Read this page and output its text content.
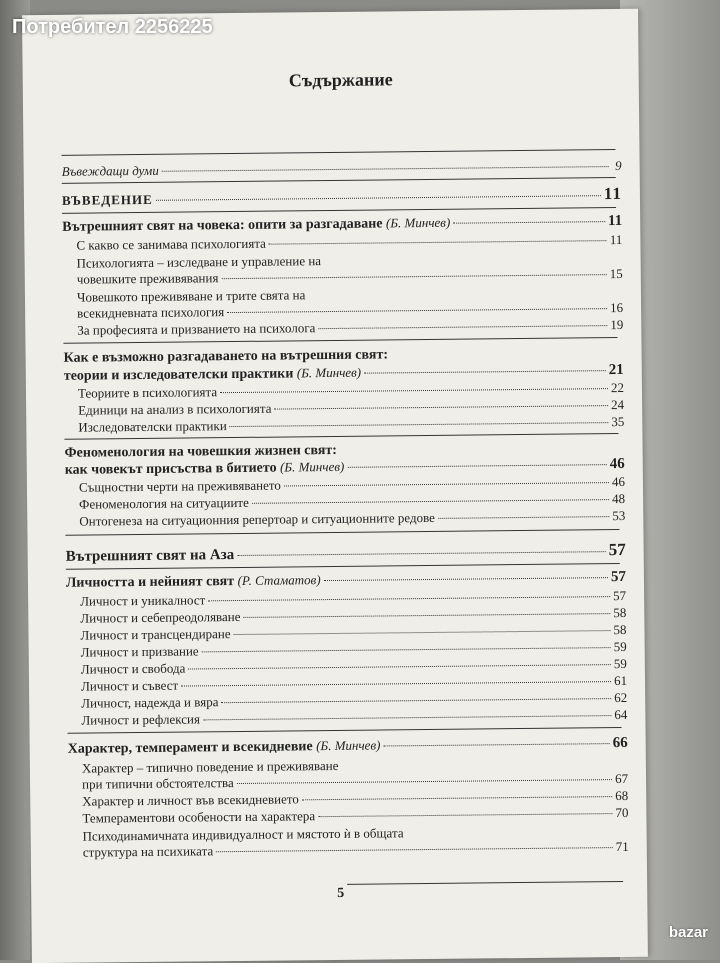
Потребител 2256225
Съдържание
Въвеждащи думи	9
ВЪВЕДЕНИЕ	11
Вътрешният свят на човека: опити за разгадаване
(Б. Минчев)	11
С какво се занимава психологията	11
Психологията – изследване и управление на
човешките преживявания	15
Човешкото преживяване и трите свята на
всекидневната психология	16
За професията и призванието на психолога	19
Как е възможно разгадаването на вътрешния свят:
теории и изследователски практики
(Б. Минчев)	21
Теориите в психологията	22
Единици на анализ в психологията	24
Изследователски практики	35
Феноменология на човешкия жизнен свят:
как човекът присъства в битието
(Б. Минчев)	46
Същностни черти на преживяването	46
Феноменология на ситуациите	48
Онтогенеза на ситуационния репертоар и ситуационните редове	53
Вътрешният свят на Аза	57
Личността и нейният свят
(Р. Стаматов)	57
Личност и уникалност	57
Личност и себепреодоляване	58
Личност и трансцендиране	58
Личност и призвание	59
Личност и свобода	59
Личност и съвест	61
Личност, надежда и вяра	62
Личност и рефлексия	64
Характер, темперамент и всекидневие
(Б. Минчев)	66
Характер – типично поведение и преживяване
при типични обстоятелства	67
Характер и личност във всекидневието	68
Темпераментови особености на характера	70
Психодинамичната индивидуалност и мястото ѝ в общата
структура на психиката	71
5
bazar
